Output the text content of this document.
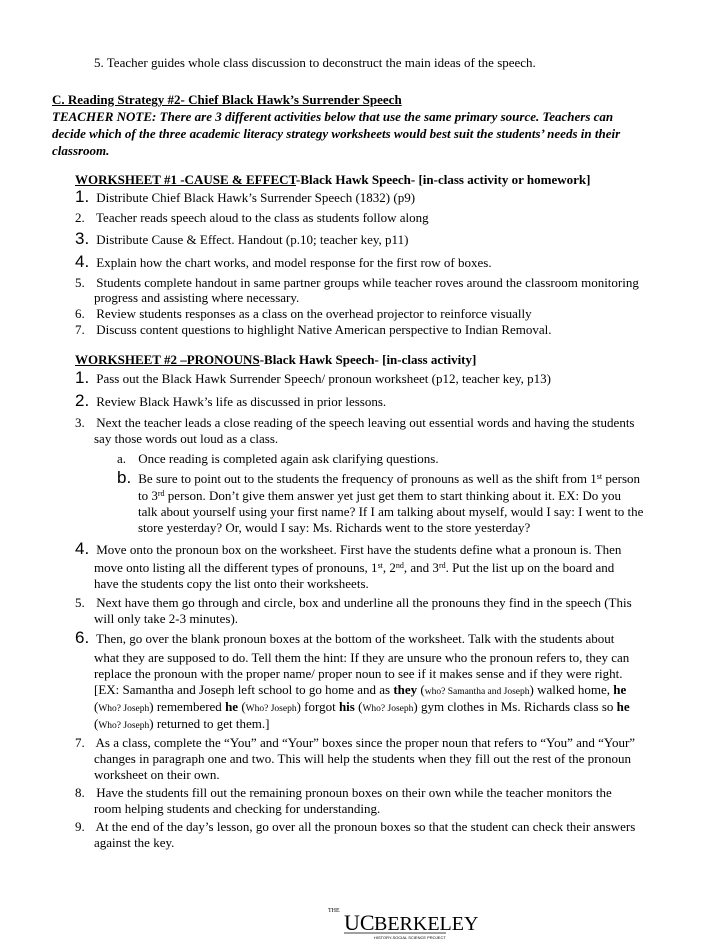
5. Teacher guides whole class discussion to deconstruct the main ideas of the speech.
C. Reading Strategy #2- Chief Black Hawk’s Surrender Speech
TEACHER NOTE: There are 3 different activities below that use the same primary source. Teachers can
decide which of the three academic literacy strategy worksheets would best suit the students’ needs in their
classroom.
WORKSHEET #1 -CAUSE & EFFECT-Black Hawk Speech- [in-class activity or homework]
1. Distribute Chief Black Hawk’s Surrender Speech (1832) (p9)
2. Teacher reads speech aloud to the class as students follow along
3. Distribute Cause & Effect. Handout (p.10; teacher key, p11)
4. Explain how the chart works, and model response for the first row of boxes.
5. Students complete handout in same partner groups while teacher roves around the classroom monitoring
progress and assisting where necessary.
6. Review students responses as a class on the overhead projector to reinforce visually
7. Discuss content questions to highlight Native American perspective to Indian Removal.
WORKSHEET #2 –PRONOUNS-Black Hawk Speech- [in-class activity]
1. Pass out the Black Hawk Surrender Speech/ pronoun worksheet (p12, teacher key, p13)
2. Review Black Hawk’s life as discussed in prior lessons.
3. Next the teacher leads a close reading of the speech leaving out essential words and having the students
say those words out loud as a class.
a. Once reading is completed again ask clarifying questions.
b. Be sure to point out to the students the frequency of pronouns as well as the shift from 1st person
to 3rd person. Don’t give them answer yet just get them to start thinking about it. EX: Do you
talk about yourself using your first name? If I am talking about myself, would I say: I went to the
store yesterday? Or, would I say: Ms. Richards went to the store yesterday?
4. Move onto the pronoun box on the worksheet. First have the students define what a pronoun is. Then
move onto listing all the different types of pronouns, 1st, 2nd, and 3rd. Put the list up on the board and
have the students copy the list onto their worksheets.
5. Next have them go through and circle, box and underline all the pronouns they find in the speech (This
will only take 2-3 minutes).
6. Then, go over the blank pronoun boxes at the bottom of the worksheet. Talk with the students about
what they are supposed to do. Tell them the hint: If they are unsure who the pronoun refers to, they can
replace the pronoun with the proper name/ proper noun to see if it makes sense and if they were right.
[EX: Samantha and Joseph left school to go home and as they (who? Samantha and Joseph) walked home, he
(Who? Joseph) remembered he (Who? Joseph) forgot his (Who? Joseph) gym clothes in Ms. Richards class so he
(Who? Joseph) returned to get them.]
7. As a class, complete the “You” and “Your” boxes since the proper noun that refers to “You” and “Your”
changes in paragraph one and two. This will help the students when they fill out the rest of the pronoun
worksheet on their own.
8. Have the students fill out the remaining pronoun boxes on their own while the teacher monitors the
room helping students and checking for understanding.
9. At the end of the day’s lesson, go over all the pronoun boxes so that the student can check their answers
against the key.
THE UC BERKELEY
HISTORY-SOCIAL SCIENCE PROJECT
